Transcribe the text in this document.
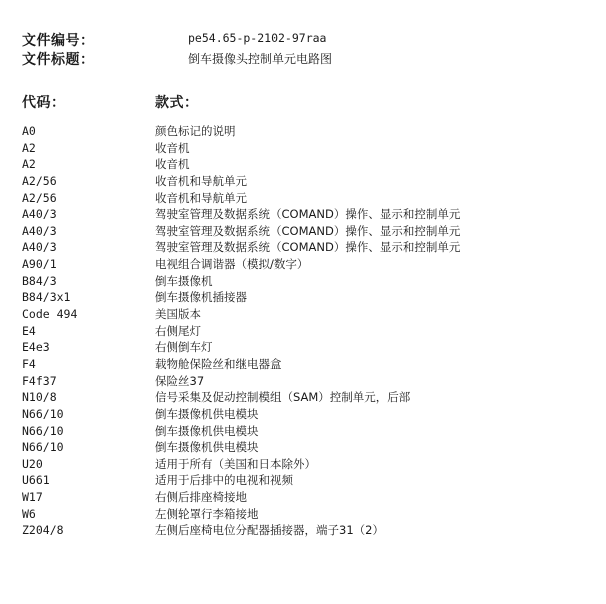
文件编号：	pe54.65-p-2102-97raa
文件标题：	倒车摄像头控制单元电路图
代码：	款式：
A0	颜色标记的说明
A2	收音机
A2	收音机
A2/56	收音机和导航单元
A2/56	收音机和导航单元
A40/3	驾驶室管理及数据系统（COMAND）操作、显示和控制单元
A40/3	驾驶室管理及数据系统（COMAND）操作、显示和控制单元
A40/3	驾驶室管理及数据系统（COMAND）操作、显示和控制单元
A90/1	电视组合调谐器（模拟/数字）
B84/3	倒车摄像机
B84/3x1	倒车摄像机插接器
Code 494	美国版本
E4	右侧尾灯
E4e3	右侧倒车灯
F4	载物舱保险丝和继电器盒
F4f37	保险丝37
N10/8	信号采集及促动控制模组（SAM）控制单元，后部
N66/10	倒车摄像机供电模块
N66/10	倒车摄像机供电模块
N66/10	倒车摄像机供电模块
U20	适用于所有（美国和日本除外）
U661	适用于后排中的电视和视频
W17	右侧后排座椅接地
W6	左侧轮罩行李箱接地
Z204/8	左侧后座椅电位分配器插接器，端子31（2）
